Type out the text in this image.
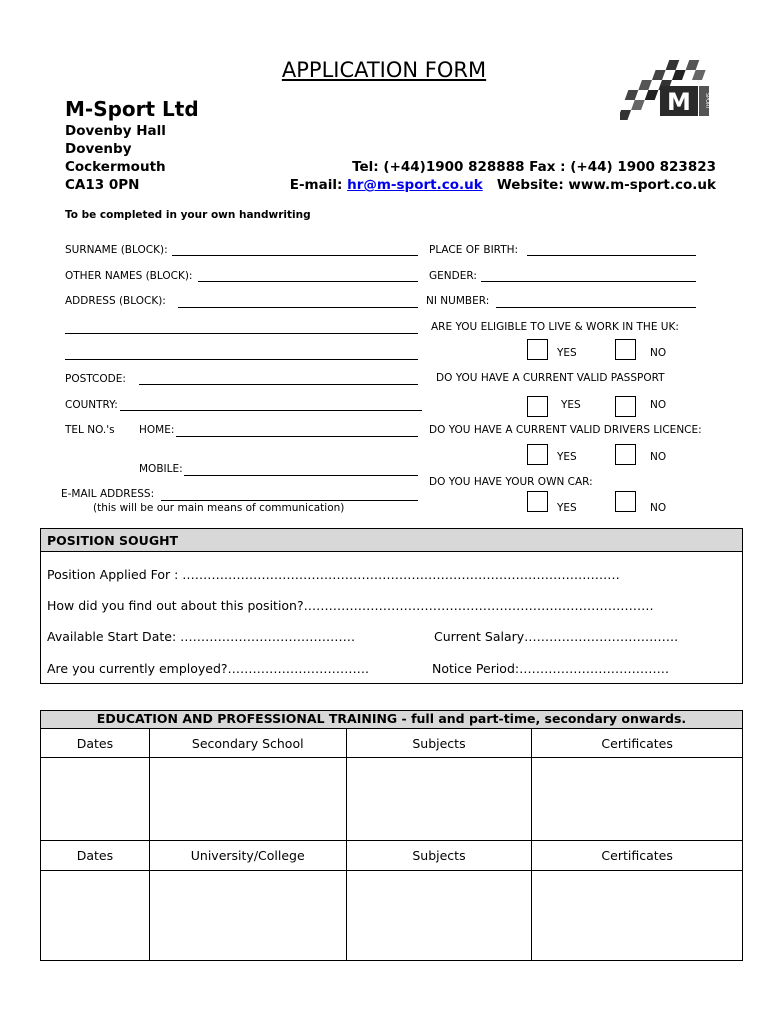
APPLICATION FORM
M	SPORT
M-Sport Ltd
Dovenby Hall
Dovenby
Cockermouth
CA13 0PN
Tel: (+44)1900 828888 Fax : (+44) 1900 823823
E-mail: hr@m-sport.co.uk   Website: www.m-sport.co.uk
To be completed in your own handwriting
SURNAME (BLOCK):
OTHER NAMES (BLOCK):
ADDRESS (BLOCK):
POSTCODE:
COUNTRY:
TEL NO.'s HOME:
MOBILE:
E-MAIL ADDRESS:
(this will be our main means of communication)
PLACE OF BIRTH:
GENDER:
NI NUMBER:
ARE YOU ELIGIBLE TO LIVE & WORK IN THE UK:
YES	NO
DO YOU HAVE A CURRENT VALID PASSPORT
YES	NO
DO YOU HAVE A CURRENT VALID DRIVERS LICENCE:
YES	NO
DO YOU HAVE YOUR OWN CAR:
YES	NO
POSITION SOUGHT
Position Applied For : ……………………………………………………………………………………………
How did you find out about this position?…………………………………………………………………………
Available Start Date: ……………………………………	Current Salary……………………………….
Are you currently employed?…………………………….	Notice Period:………………………………
EDUCATION AND PROFESSIONAL TRAINING - full and part-time, secondary onwards.
Dates	Secondary School	Subjects	Certificates

Dates	University/College	Subjects	Certificates
